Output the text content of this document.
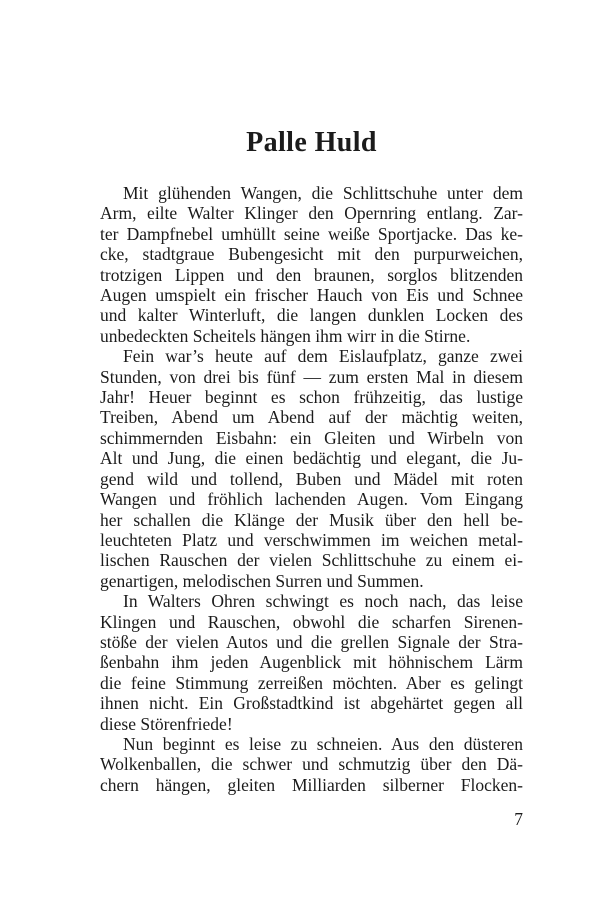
Palle Huld
Mit glühenden Wangen, die Schlittschuhe unter dem
Arm, eilte Walter Klinger den Opernring entlang. Zar-
ter Dampfnebel umhüllt seine weiße Sportjacke. Das ke-
cke, stadtgraue Bubengesicht mit den purpurweichen,
trotzigen Lippen und den braunen, sorglos blitzenden
Augen umspielt ein frischer Hauch von Eis und Schnee
und kalter Winterluft, die langen dunklen Locken des
unbedeckten Scheitels hängen ihm wirr in die Stirne.
Fein war’s heute auf dem Eislaufplatz, ganze zwei
Stunden, von drei bis fünf — zum ersten Mal in diesem
Jahr! Heuer beginnt es schon frühzeitig, das lustige
Treiben, Abend um Abend auf der mächtig weiten,
schimmernden Eisbahn: ein Gleiten und Wirbeln von
Alt und Jung, die einen bedächtig und elegant, die Ju-
gend wild und tollend, Buben und Mädel mit roten
Wangen und fröhlich lachenden Augen. Vom Eingang
her schallen die Klänge der Musik über den hell be-
leuchteten Platz und verschwimmen im weichen metal-
lischen Rauschen der vielen Schlittschuhe zu einem ei-
genartigen, melodischen Surren und Summen.
In Walters Ohren schwingt es noch nach, das leise
Klingen und Rauschen, obwohl die scharfen Sirenen-
stöße der vielen Autos und die grellen Signale der Stra-
ßenbahn ihm jeden Augenblick mit höhnischem Lärm
die feine Stimmung zerreißen möchten. Aber es gelingt
ihnen nicht. Ein Großstadtkind ist abgehärtet gegen all
diese Störenfriede!
Nun beginnt es leise zu schneien. Aus den düsteren
Wolkenballen, die schwer und schmutzig über den Dä-
chern hängen, gleiten Milliarden silberner Flocken-
7
